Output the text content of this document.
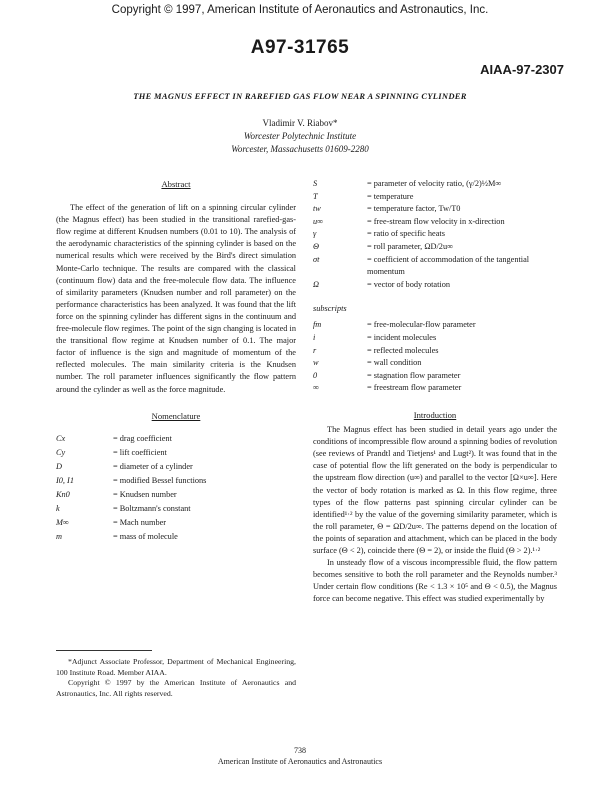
Copyright © 1997, American Institute of Aeronautics and Astronautics, Inc.
A97-31765
AIAA-97-2307
THE MAGNUS EFFECT IN RAREFIED GAS FLOW NEAR A SPINNING CYLINDER
Vladimir V. Riabov*
Worcester Polytechnic Institute
Worcester, Massachusetts 01609-2280

Abstract

The effect of the generation of lift on a spinning circular cylinder (the Magnus effect) has been studied in the transitional rarefied-gas-flow regime at different Knudsen numbers (0.01 to 10). The analysis of the aerodynamic characteristics of the spinning cylinder is based on the numerical results which were received by the Bird's direct simulation Monte-Carlo technique. The results are compared with the classical (continuum flow) data and the free-molecule flow data. The influence of similarity parameters (Knudsen number and roll parameter) on the performance characteristics has been analyzed. It was found that the lift force on the spinning cylinder has different signs in the continuum and free-molecule flow regimes. The point of the sign changing is located in the transitional flow regime at Knudsen number of 0.1. The major factor of influence is the sign and magnitude of momentum of the reflected molecules. The main similarity criteria is the Knudsen number. The roll parameter influences significantly the flow pattern around the cylinder as well as the force magnitude.

Nomenclature

Cx	= drag coefficient
Cy	= lift coefficient
D	= diameter of a cylinder
I0, I1	= modified Bessel functions
Kn0	= Knudsen number
k	= Boltzmann's constant
M∞	= Mach number
m	= mass of molecule
S	= parameter of velocity ratio, (γ/2)½M∞
T	= temperature
tw	= temperature factor, Tw/T0
u∞	= free-stream flow velocity in x-direction
γ	= ratio of specific heats
Θ	= roll parameter, ΩD/2u∞
σt	= coefficient of accommodation of the tangential momentum
Ω	= vector of body rotation

subscripts

fm	= free-molecular-flow parameter
i	= incident molecules
r	= reflected molecules
w	= wall condition
0	= stagnation flow parameter
∞	= freestream flow parameter

Introduction

The Magnus effect has been studied in detail years ago under the conditions of incompressible flow around a spinning bodies of revolution (see reviews of Prandtl and Tietjens¹ and Lugt²). It was found that in the case of potential flow the lift generated on the body is perpendicular to the upstream flow direction (u∞) and parallel to the vector [Ω×u∞]. Here the vector of body rotation is marked as Ω. In this flow regime, three types of the flow patterns past spinning circular cylinder can be identified¹·² by the value of the governing similarity parameter, which is the roll parameter, Θ = ΩD/2u∞. The patterns depend on the location of the points of separation and attachment, which can be placed in the body surface (Θ < 2), coincide there (Θ = 2), or inside the fluid (Θ > 2).¹·²

In unsteady flow of a viscous incompressible fluid, the flow pattern becomes sensitive to both the roll parameter and the Reynolds number.³ Under certain flow conditions (Re < 1.3 × 10⁵ and Θ < 0.5), the Magnus force can become negative. This effect was studied experimentally by

*Adjunct Associate Professor, Department of Mechanical Engineering, 100 Institute Road. Member AIAA.

Copyright © 1997 by the American Institute of Aeronautics and Astronautics, Inc. All rights reserved.

738
American Institute of Aeronautics and Astronautics
